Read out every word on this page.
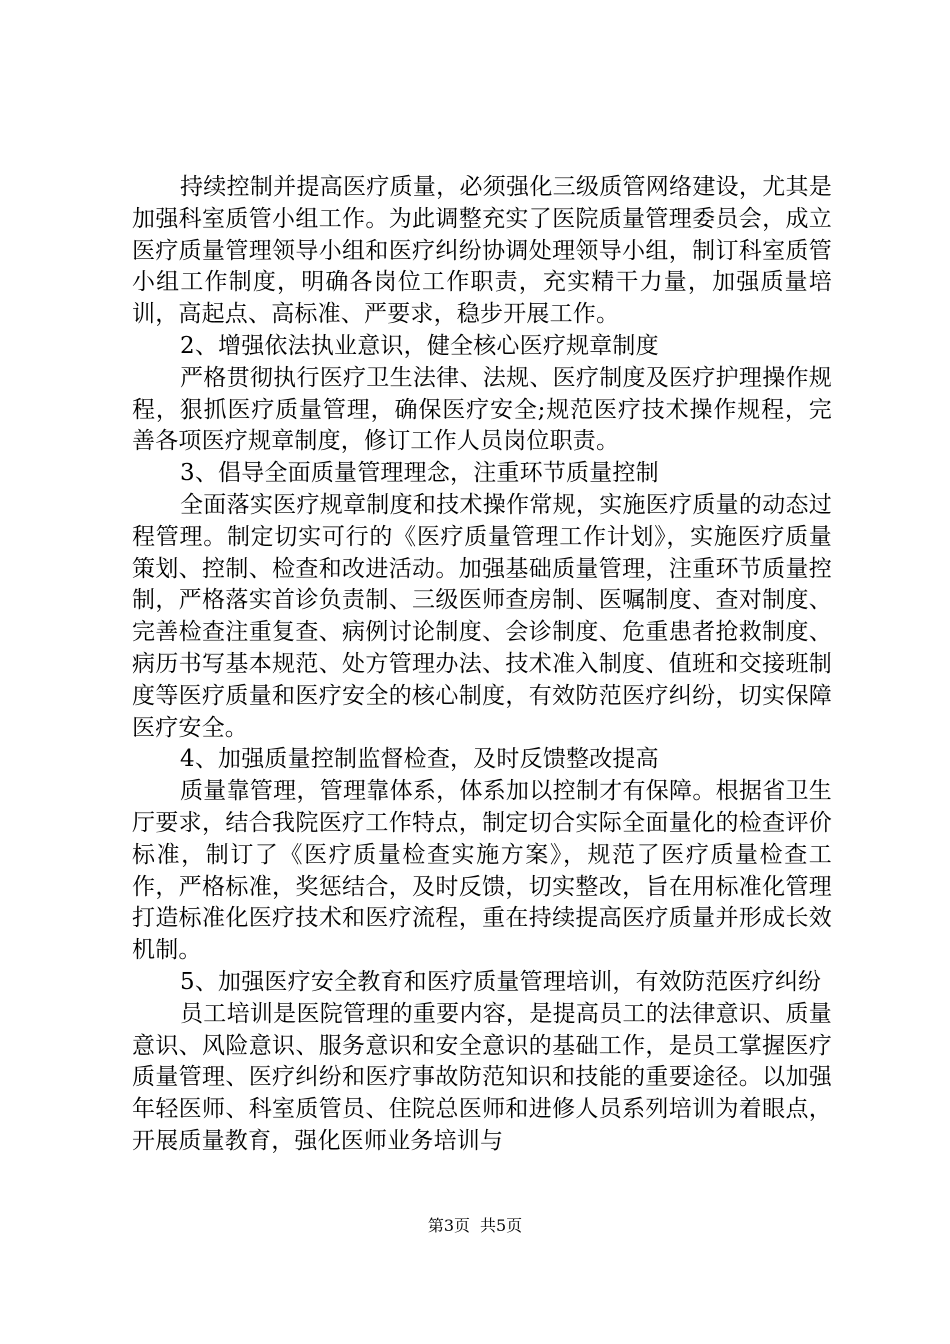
持续控制并提高医疗质量，必须强化三级质管网络建设，尤其是加强科室质管小组工作。为此调整充实了医院质量管理委员会，成立医疗质量管理领导小组和医疗纠纷协调处理领导小组，制订科室质管小组工作制度，明确各岗位工作职责，充实精干力量，加强质量培训，高起点、高标准、严要求，稳步开展工作。

2、增强依法执业意识，健全核心医疗规章制度

严格贯彻执行医疗卫生法律、法规、医疗制度及医疗护理操作规程，狠抓医疗质量管理，确保医疗安全;规范医疗技术操作规程，完善各项医疗规章制度，修订工作人员岗位职责。

3、倡导全面质量管理理念，注重环节质量控制

全面落实医疗规章制度和技术操作常规，实施医疗质量的动态过程管理。制定切实可行的《医疗质量管理工作计划》，实施医疗质量策划、控制、检查和改进活动。加强基础质量管理，注重环节质量控制，严格落实首诊负责制、三级医师查房制、医嘱制度、查对制度、完善检查注重复查、病例讨论制度、会诊制度、危重患者抢救制度、病历书写基本规范、处方管理办法、技术准入制度、值班和交接班制度等医疗质量和医疗安全的核心制度，有效防范医疗纠纷，切实保障医疗安全。

4、加强质量控制监督检查，及时反馈整改提高

质量靠管理，管理靠体系，体系加以控制才有保障。根据省卫生厅要求，结合我院医疗工作特点，制定切合实际全面量化的检查评价标准，制订了《医疗质量检查实施方案》，规范了医疗质量检查工作，严格标准，奖惩结合，及时反馈，切实整改，旨在用标准化管理打造标准化医疗技术和医疗流程，重在持续提高医疗质量并形成长效机制。

5、加强医疗安全教育和医疗质量管理培训，有效防范医疗纠纷

员工培训是医院管理的重要内容，是提高员工的法律意识、质量意识、风险意识、服务意识和安全意识的基础工作，是员工掌握医疗质量管理、医疗纠纷和医疗事故防范知识和技能的重要途径。以加强年轻医师、科室质管员、住院总医师和进修人员系列培训为着眼点，开展质量教育，强化医师业务培训与

第3页 共5页
